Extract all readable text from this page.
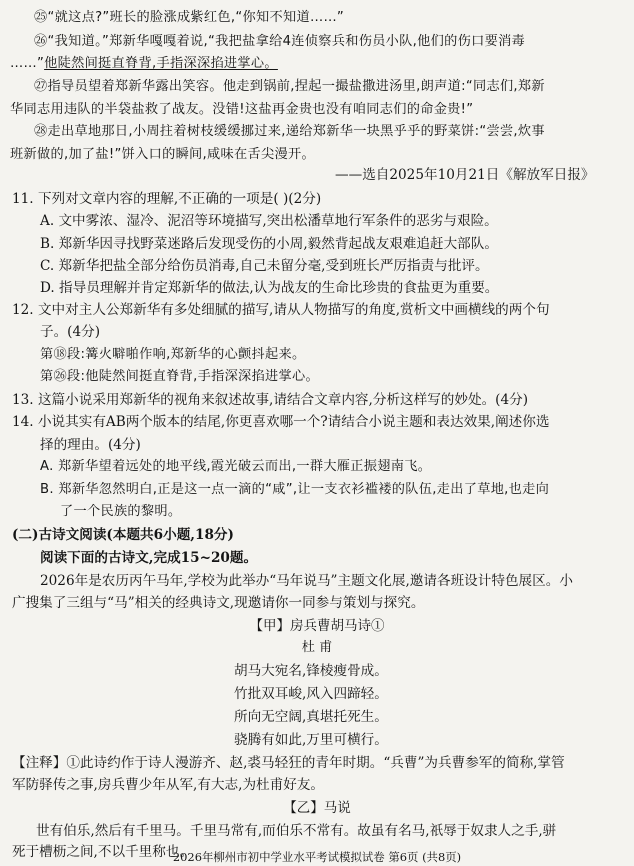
㉕“就这点?”班长的脸涨成紫红色,“你知不知道……”
㉖“我知道。”郑新华嘎嘎着说,“我把盐拿给4连侦察兵和伤员小队,他们的伤口要消毒
……”他陡然间挺直脊背,手指深深掐进掌心。
㉗指导员望着郑新华露出笑容。他走到锅前,捏起一撮盐撒进汤里,朗声道:“同志们,郑新
华同志用违队的半袋盐救了战友。没错!这盐再金贵也没有咱同志们的命金贵!”
㉘走出草地那日,小周拄着树枝缓缓挪过来,递给郑新华一块黑乎乎的野菜饼:“尝尝,炊事
班新做的,加了盐!”饼入口的瞬间,咸味在舌尖漫开。
——选自2025年10月21日《解放军日报》
11. 下列对文章内容的理解,不正确的一项是( )(2分)
A. 文中雾浓、湿冷、泥沼等环境描写,突出松潘草地行军条件的恶劣与艰险。
B. 郑新华因寻找野菜迷路后发现受伤的小周,毅然背起战友艰难追赶大部队。
C. 郑新华把盐全部分给伤员消毒,自己未留分毫,受到班长严厉指责与批评。
D. 指导员理解并肯定郑新华的做法,认为战友的生命比珍贵的食盐更为重要。
12. 文中对主人公郑新华有多处细腻的描写,请从人物描写的角度,赏析文中画横线的两个句
子。(4分)
第⑱段:篝火噼啪作响,郑新华的心颤抖起来。
第㉖段:他陡然间挺直脊背,手指深深掐进掌心。
13. 这篇小说采用郑新华的视角来叙述故事,请结合文章内容,分析这样写的妙处。(4分)
14. 小说其实有AB两个版本的结尾,你更喜欢哪一个?请结合小说主题和表达效果,阐述你选
择的理由。(4分)
A. 郑新华望着远处的地平线,霞光破云而出,一群大雁正振翅南飞。
B. 郑新华忽然明白,正是这一点一滴的“咸”,让一支衣衫褴褛的队伍,走出了草地,也走向
了一个民族的黎明。
(二)古诗文阅读(本题共6小题,18分)
阅读下面的古诗文,完成15~20题。
2026年是农历丙午马年,学校为此举办“马年说马”主题文化展,邀请各班设计特色展区。小
广搜集了三组与“马”相关的经典诗文,现邀请你一同参与策划与探究。
【甲】房兵曹胡马诗①
杜 甫
胡马大宛名,锋棱瘦骨成。
竹批双耳峻,风入四蹄轻。
所向无空阔,真堪托死生。
骁腾有如此,万里可横行。
【注释】①此诗约作于诗人漫游齐、赵,裘马轻狂的青年时期。“兵曹”为兵曹参军的简称,掌管
军防驿传之事,房兵曹少年从军,有大志,为杜甫好友。
【乙】马说
世有伯乐,然后有千里马。千里马常有,而伯乐不常有。故虽有名马,祇辱于奴隶人之手,骈
死于槽枥之间,不以千里称也。
2026年柳州市初中学业水平考试模拟试卷 第6页 (共8页)
